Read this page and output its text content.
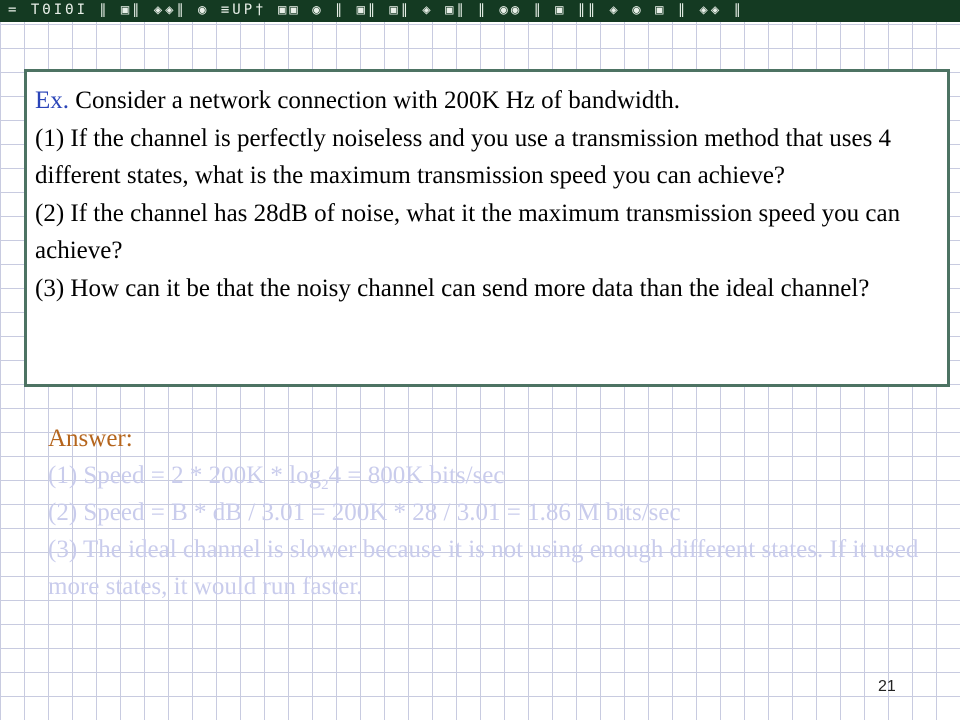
= ΤΘΙΘΙ ∥ ▣∥ ◈◈∥ ◉ ≡UP† ▣▣ ◉ ∥ ▣∥ ▣∥ ◈ ▣∥ ∥ ◉◉ ∥ ▣ ∥∥ ◈ ◉ ▣ ∥ ◈◈ ∥

Ex. Consider a network connection with 200K Hz of bandwidth.

(1) If the channel is perfectly noiseless and you use a transmission method that uses 4 different states, what is the maximum transmission speed you can achieve?

(2) If the channel has 28dB of noise, what it the maximum transmission speed you can achieve?

(3) How can it be that the noisy channel can send more data than the ideal channel?

Answer:

(1) Speed = $2 * 200K * \log_24 = 800K$ bits/sec

(2) Speed = B * dB / 3.01 = 200K * 28 / 3.01 = 1.86 M bits/sec

(3) The ideal channel is slower because it is not using enough different states. If it used more states, it would run faster.

21
